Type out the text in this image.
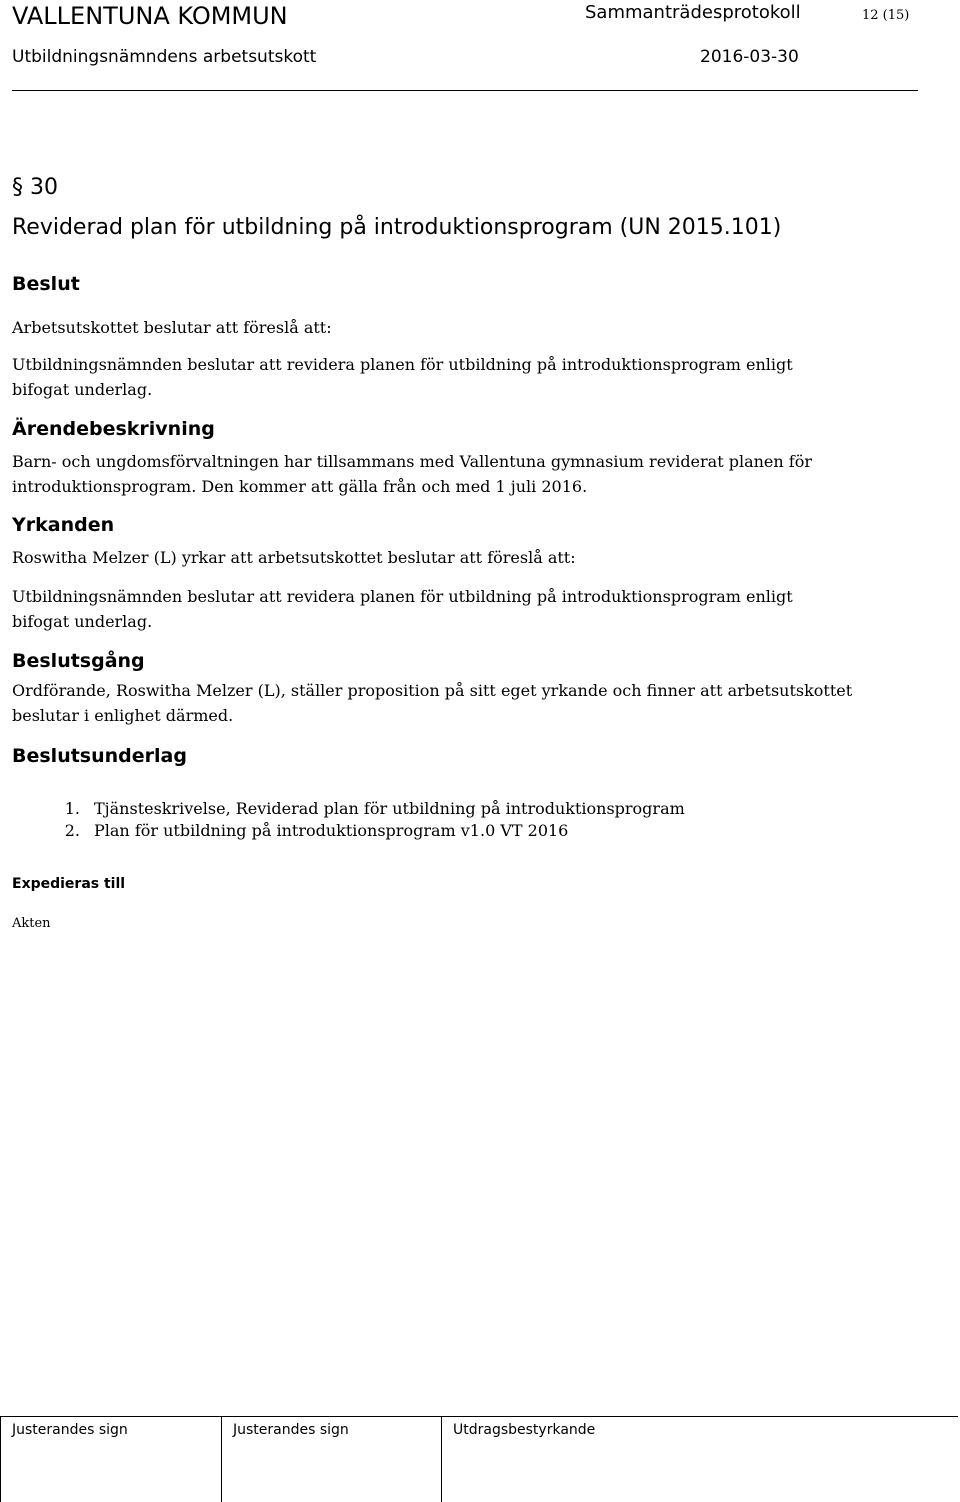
VALLENTUNA KOMMUN	Sammanträdesprotokoll	12 (15)
Utbildningsnämndens arbetsutskott	2016-03-30
§ 30
Reviderad plan för utbildning på introduktionsprogram (UN 2015.101)
Beslut
Arbetsutskottet beslutar att föreslå att:
Utbildningsnämnden beslutar att revidera planen för utbildning på introduktionsprogram enligt
bifogat underlag.
Ärendebeskrivning
Barn- och ungdomsförvaltningen har tillsammans med Vallentuna gymnasium reviderat planen för
introduktionsprogram. Den kommer att gälla från och med 1 juli 2016.
Yrkanden
Roswitha Melzer (L) yrkar att arbetsutskottet beslutar att föreslå att:
Utbildningsnämnden beslutar att revidera planen för utbildning på introduktionsprogram enligt
bifogat underlag.
Beslutsgång
Ordförande, Roswitha Melzer (L), ställer proposition på sitt eget yrkande och finner att arbetsutskottet
beslutar i enlighet därmed.
Beslutsunderlag
1. Tjänsteskrivelse, Reviderad plan för utbildning på introduktionsprogram
2. Plan för utbildning på introduktionsprogram v1.0 VT 2016
Expedieras till
Akten
Justerandes sign	Justerandes sign	Utdragsbestyrkande
